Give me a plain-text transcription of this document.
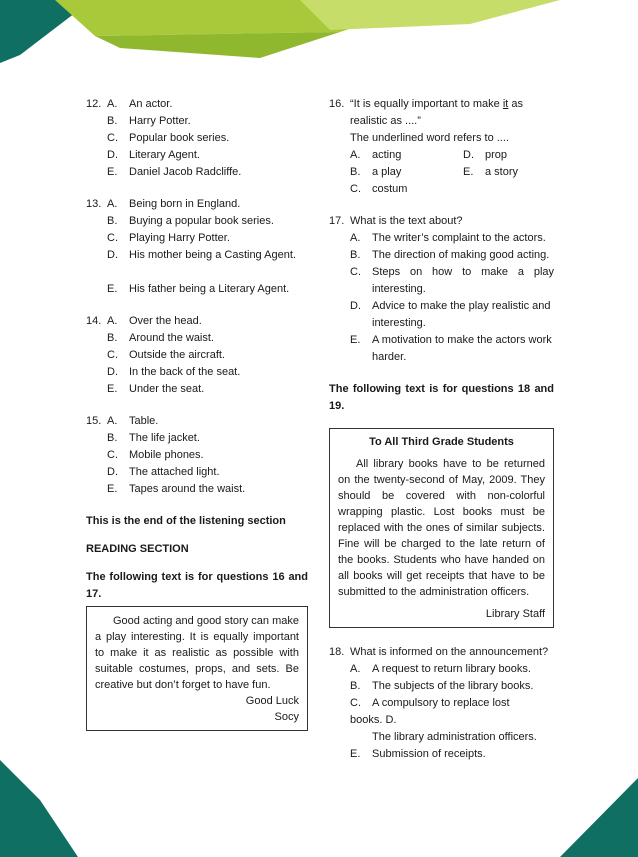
12. A.	An actor.
B.	Harry Potter.
C.	Popular book series.
D.	Literary Agent.
E.	Daniel Jacob Radcliffe.
13. A.	Being born in England.
B.	Buying a popular book series.
C.	Playing Harry Potter.
D.	His mother being a Casting Agent.
E.	His father being a Literary Agent.
14. A.	Over the head.
B.	Around the waist.
C.	Outside the aircraft.
D.	In the back of the seat.
E.	Under the seat.
15. A.	Table.
B.	The life jacket.
C.	Mobile phones.
D.	The attached light.
E.	Tapes around the waist.
This is the end of the listening section
READING SECTION
The following text is for questions 16 and 17.
Good acting and good story can make a play interesting. It is equally important to make it as realistic as possible with suitable costumes, props, and sets. Be creative but don’t forget to have fun.
Good Luck
Socy
16. “It is equally important to make it as realistic as ....”
The underlined word refers to ....
A.	acting	D.	prop
B.	a play	E.	a story
C.	costum
17. What is the text about?
A.	The writer’s complaint to the actors.
B.	The direction of making good acting.
C.	Steps on how to make a play interesting.
D.	Advice to make the play realistic and interesting.
E.	A motivation to make the actors work harder.
The following text is for questions 18 and 19.
To All Third Grade Students
All library books have to be returned on the twenty-second of May, 2009. They should be covered with non-colorful wrapping plastic. Lost books must be replaced with the ones of similar subjects. Fine will be charged to the late return of the books. Students who have handed on all books will get receipts that have to be submitted to the administration officers.
Library Staff
18. What is informed on the announcement?
A.	A request to return library books.
B.	The subjects of the library books.
C.	A compulsory to replace lost
books. D.
The library administration officers.
E.	Submission of receipts.
